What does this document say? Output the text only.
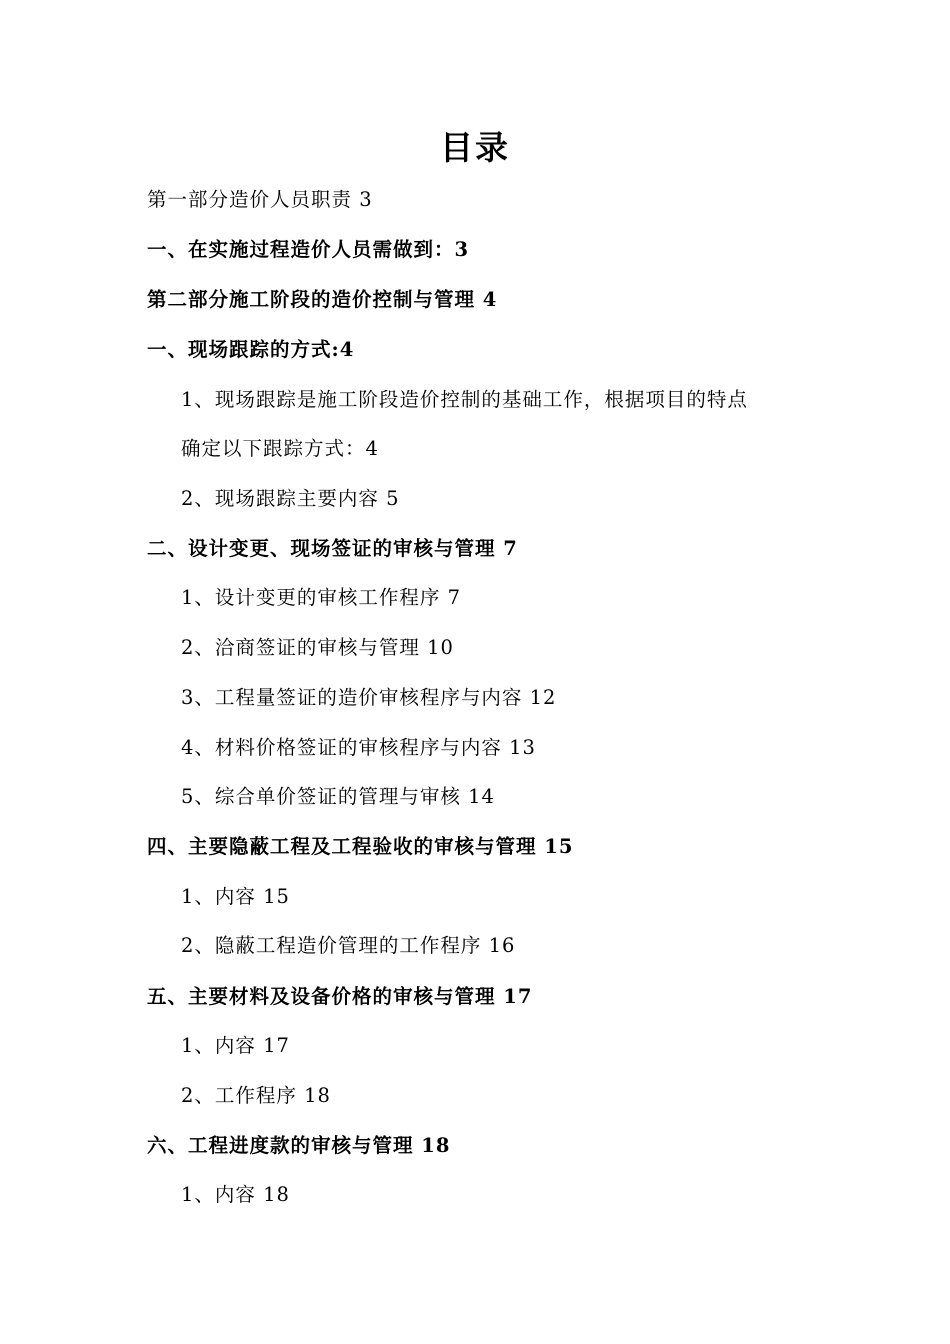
目录
第一部分造价人员职责 3
一、在实施过程造价人员需做到：3
第二部分施工阶段的造价控制与管理 4
一、现场跟踪的方式:4
1、现场跟踪是施工阶段造价控制的基础工作，根据项目的特点
确定以下跟踪方式：4
2、现场跟踪主要内容 5
二、设计变更、现场签证的审核与管理 7
1、设计变更的审核工作程序 7
2、洽商签证的审核与管理 10
3、工程量签证的造价审核程序与内容 12
4、材料价格签证的审核程序与内容 13
5、综合单价签证的管理与审核 14
四、主要隐蔽工程及工程验收的审核与管理 15
1、内容 15
2、隐蔽工程造价管理的工作程序 16
五、主要材料及设备价格的审核与管理 17
1、内容 17
2、工作程序 18
六、工程进度款的审核与管理 18
1、内容 18
